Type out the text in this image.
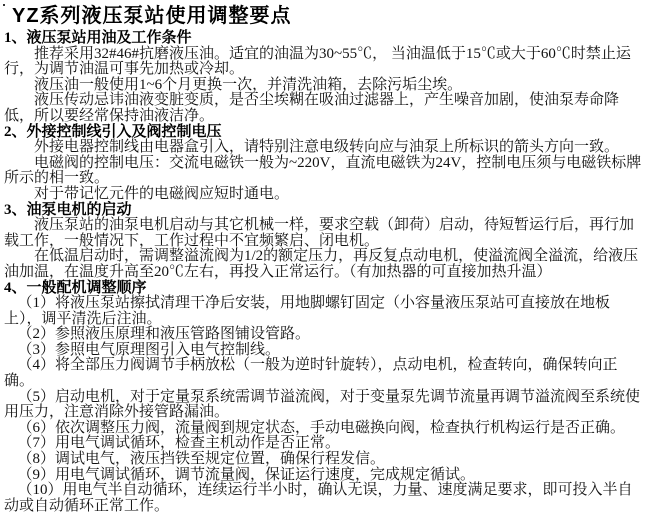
YZ系列液压泵站使用调整要点
1、液压泵站用油及工作条件
推荐采用32#46#抗磨液压油。适宜的油温为30~55℃， 当油温低于15℃或大于60℃时禁止运行，为调节油温可事先加热或冷却。
液压油一般使用1~6个月更换一次，并清洗油箱，去除污垢尘埃。
液压传动忌讳油液变脏变质，是否尘埃糊在吸油过滤器上，产生噪音加剧，使油泵寿命降低，所以要经常保持油液洁净。
2、外接控制线引入及阀控制电压
外接电器控制线由电器盒引入，请特别注意电级转向应与油泵上所标识的箭头方向一致。
电磁阀的控制电压：交流电磁铁一般为~220V，直流电磁铁为24V，控制电压须与电磁铁标牌所示的相一致。
对于带记忆元件的电磁阀应短时通电。
3、油泵电机的启动
液压泵站的油泵电机启动与其它机械一样，要求空载（卸荷）启动，待短暂运行后，再行加载工作，一般情况下，工作过程中不宜频繁启、闭电机。
在低温启动时，需调整溢流阀为1/2的额定压力，再反复点动电机，使溢流阀全溢流，给液压油加温，在温度升高至20℃左右，再投入正常运行。（有加热器的可直接加热升温）
4、一般配机调整顺序
（1）将液压泵站擦拭清理干净后安装，用地脚螺钉固定（小容量液压泵站可直接放在地板上），调平清洗后注油。
（2）参照液压原理和液压管路图铺设管路。
（3）参照电气原理图引入电气控制线。
（4）将全部压力阀调节手柄放松（一般为逆时针旋转），点动电机，检查转向，确保转向正确。
（5）启动电机，对于定量泵系统需调节溢流阀，对于变量泵先调节流量再调节溢流阀至系统使用压力，注意消除外接管路漏油。
（6）依次调整压力阀，流量阀到规定状态，手动电磁换向阀，检查执行机构运行是否正确。
（7）用电气调试循环，检查主机动作是否正常。
（8）调试电气，液压挡铁至规定位置，确保行程发信。
（9）用电气调试循环，调节流量阀，保证运行速度，完成规定循试。
（10）用电气半自动循环，连续运行半小时，确认无误，力量、速度满足要求，即可投入半自动或自动循环正常工作。
